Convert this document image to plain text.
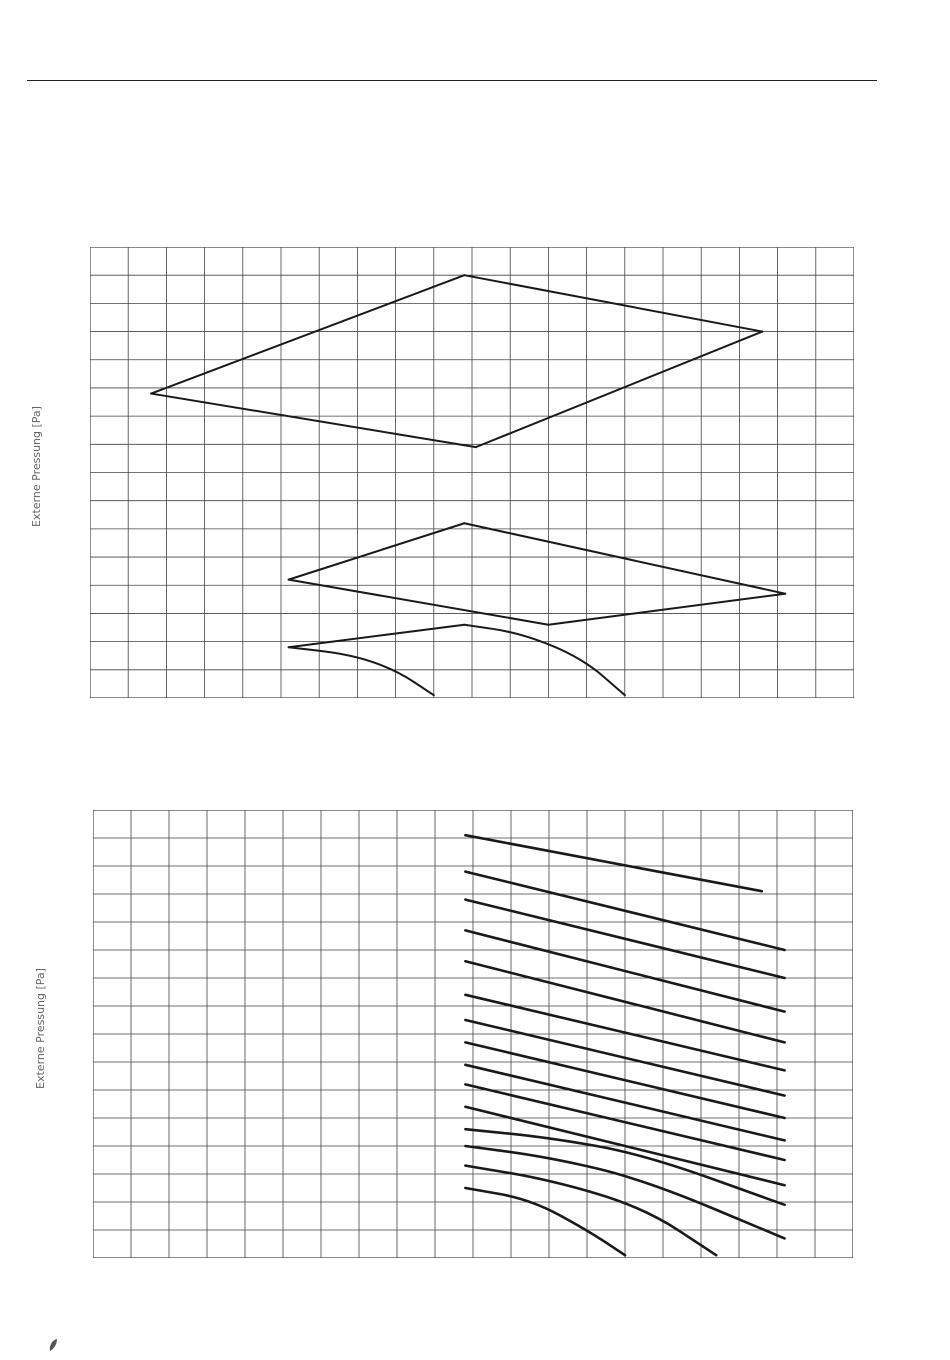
Externe Pressung [Pa]
Externe Pressung [Pa]
